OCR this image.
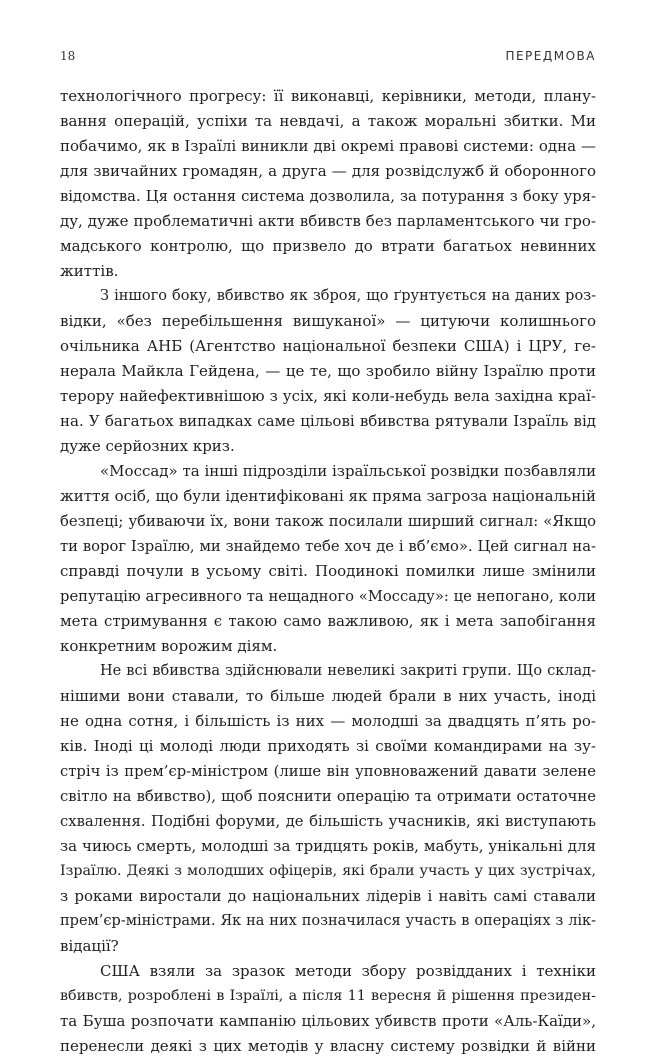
18	ПЕРЕДМОВА
технологічного прогресу: її виконавці, керівники, методи, плану-
вання операцій, успіхи та невдачі, а також моральні збитки. Ми
побачимо, як в Ізраїлі виникли дві окремі правові системи: одна —
для звичайних громадян, а друга — для розвідслужб й оборонного
відомства. Ця остання система дозволила, за потурання з боку уря-
ду, дуже проблематичні акти вбивств без парламентського чи гро-
мадського контролю, що призвело до втрати багатьох невинних
життів.
З іншого боку, вбивство як зброя, що ґрунтується на даних роз-
відки, «без перебільшення вишуканої» — цитуючи колишнього
очільника АНБ (Агентство національної безпеки США) і ЦРУ, ге-
нерала Майкла Гейдена, — це те, що зробило війну Ізраїлю проти
терору найефективнішою з усіх, які коли-небудь вела західна краї-
на. У багатьох випадках саме цільові вбивства рятували Ізраїль від
дуже серйозних криз.
«Моссад» та інші підрозділи ізраїльської розвідки позбавляли
життя осіб, що були ідентифіковані як пряма загроза національній
безпеці; убиваючи їх, вони також посилали ширший сигнал: «Якщо
ти ворог Ізраїлю, ми знайдемо тебе хоч де і вб’ємо». Цей сигнал на-
справді почули в усьому світі. Поодинокі помилки лише змінили
репутацію агресивного та нещадного «Моссаду»: це непогано, коли
мета стримування є такою само важливою, як і мета запобігання
конкретним ворожим діям.
Не всі вбивства здійснювали невеликі закриті групи. Що склад-
нішими вони ставали, то більше людей брали в них участь, іноді
не одна сотня, і більшість із них — молодші за двадцять п’ять ро-
ків. Іноді ці молоді люди приходять зі своїми командирами на зу-
стріч із прем’єр-міністром (лише він уповноважений давати зелене
світло на вбивство), щоб пояснити операцію та отримати остаточне
схвалення. Подібні форуми, де більшість учасників, які виступають
за чиюсь смерть, молодші за тридцять років, мабуть, унікальні для
Ізраїлю. Деякі з молодших офіцерів, які брали участь у цих зустрічах,
з роками виростали до національних лідерів і навіть самі ставали
прем’єр-міністрами. Як на них позначилася участь в операціях з лік-
відації?
США взяли за зразок методи збору розвідданих і техніки
вбивств, розроблені в Ізраїлі, а після 11 вересня й рішення президен-
та Буша розпочати кампанію цільових убивств проти «Аль-Каїди»,
перенесли деякі з цих методів у власну систему розвідки й війни
